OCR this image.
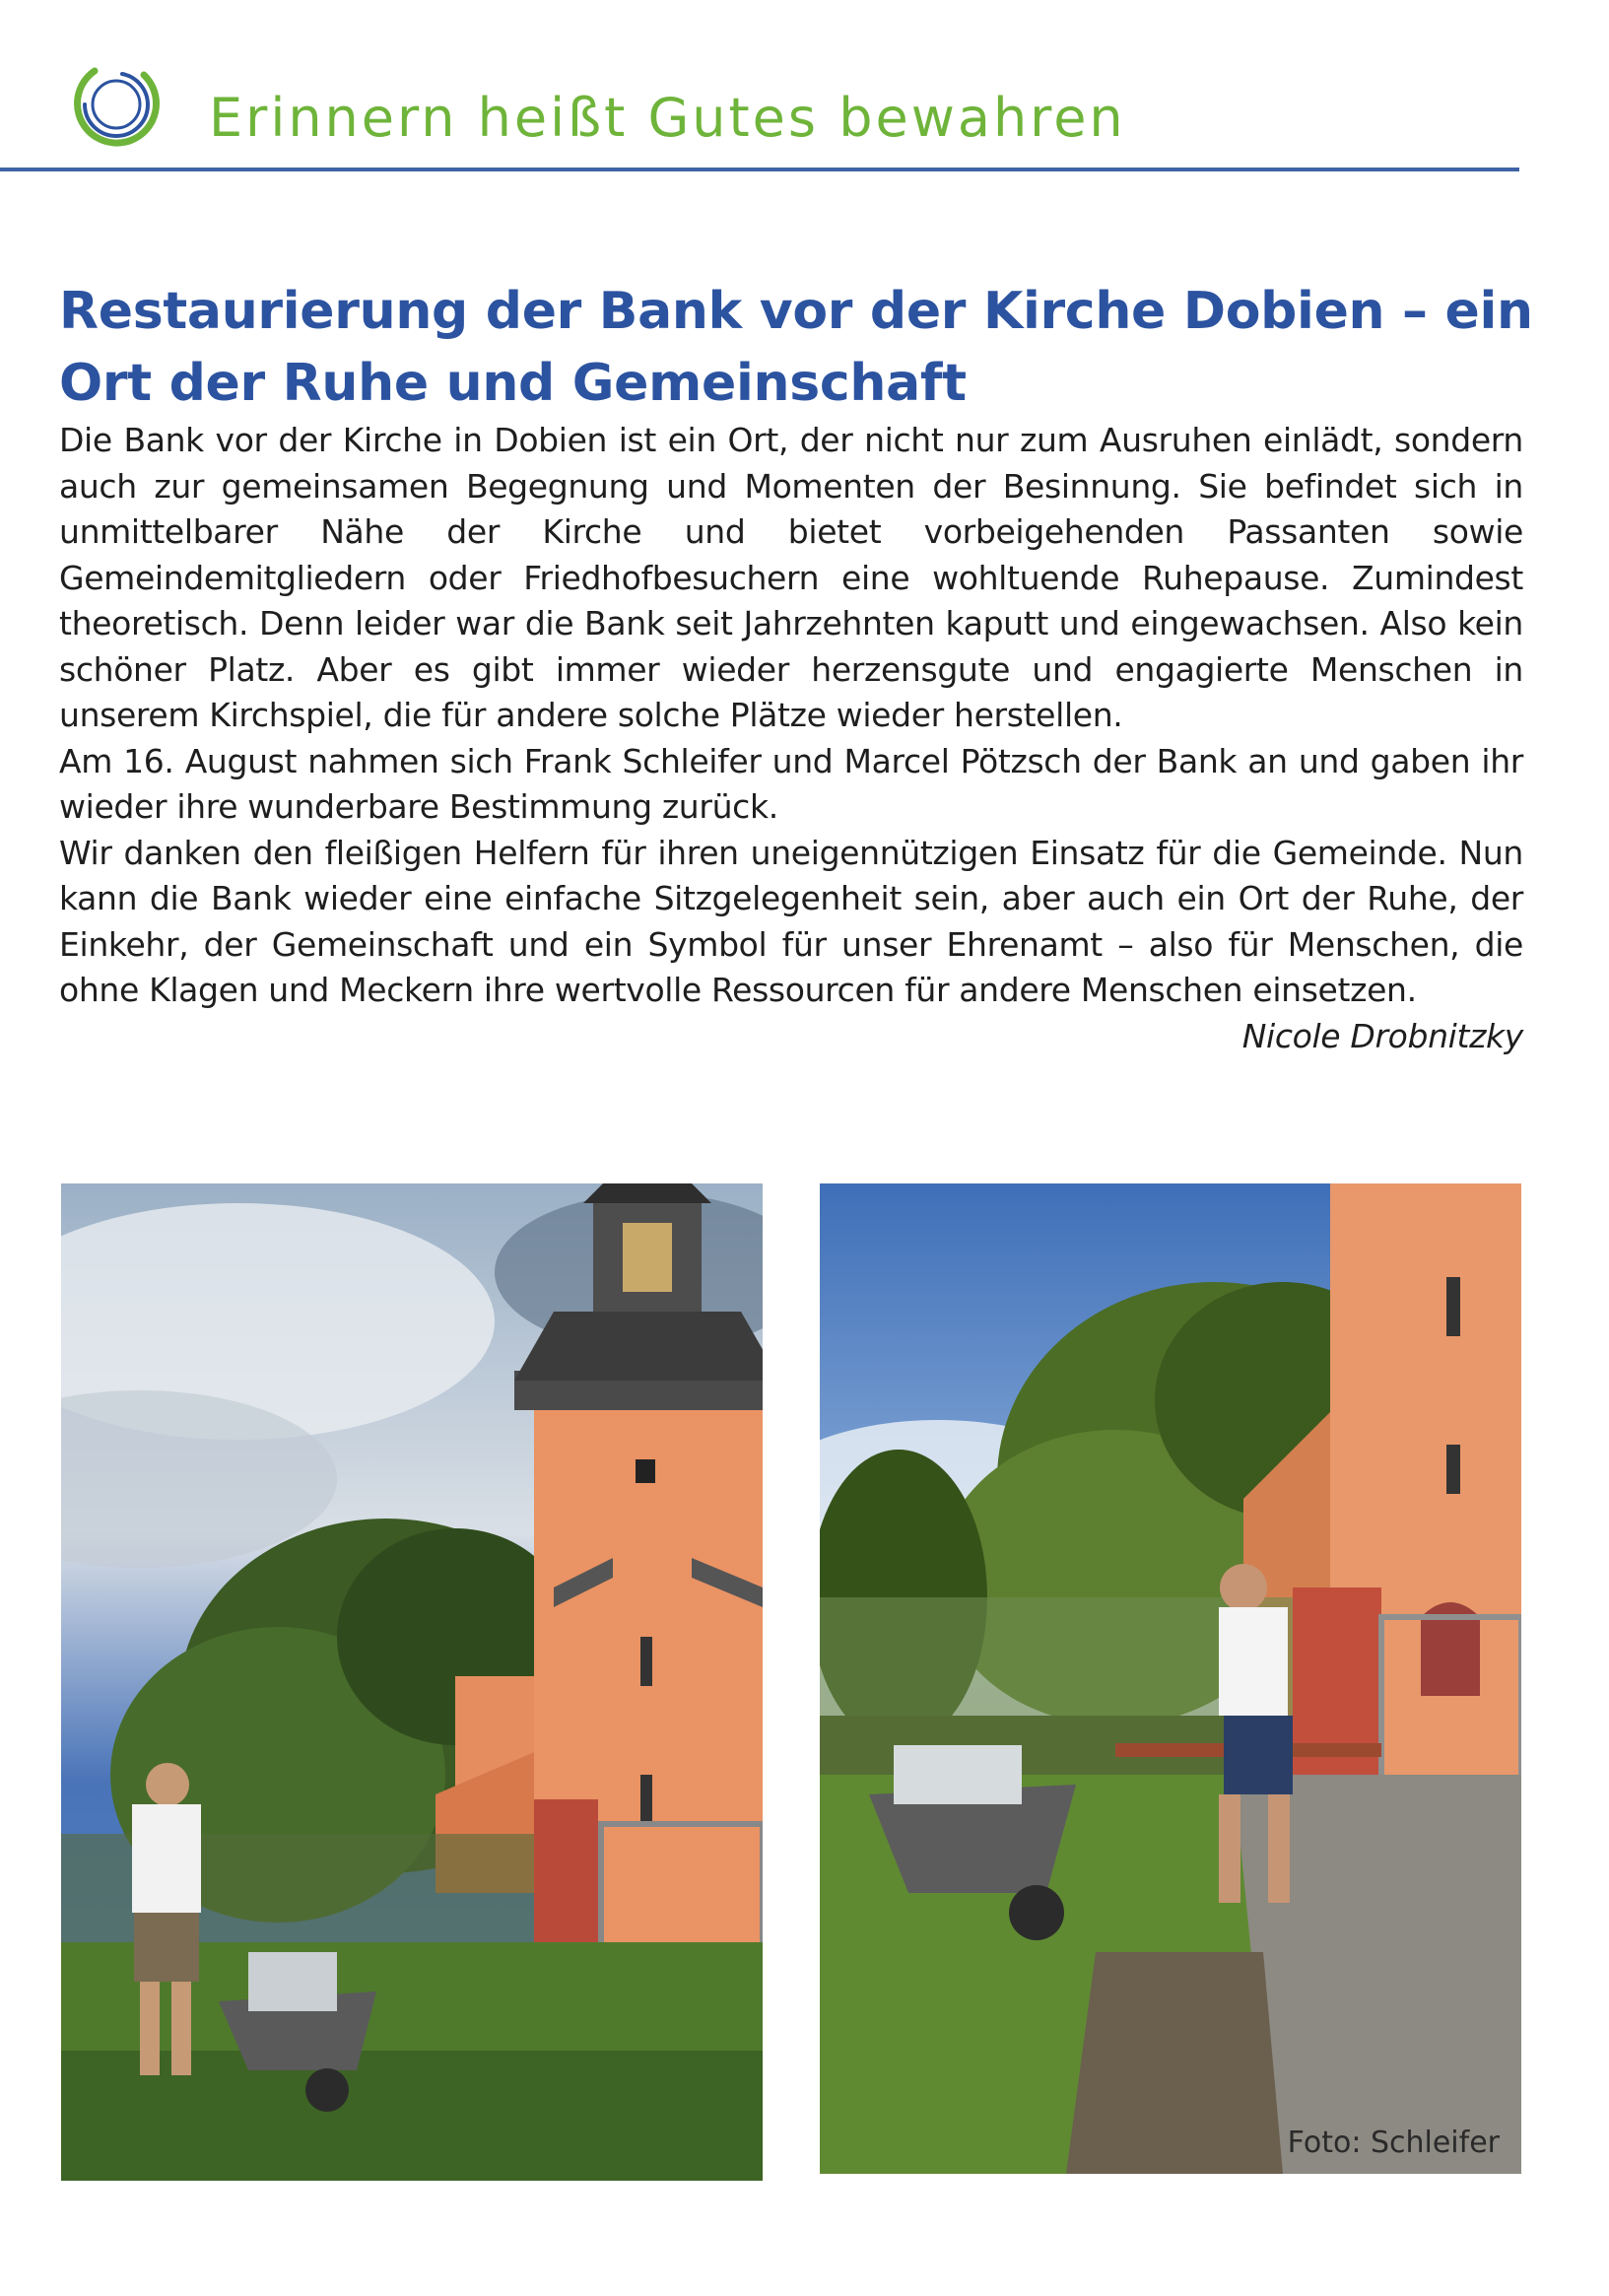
Erinnern heißt Gutes bewahren
Restaurierung der Bank vor der Kirche Dobien – ein Ort der Ruhe und Gemeinschaft

Die Bank vor der Kirche in Dobien ist ein Ort, der nicht nur zum Ausruhen einlädt, sondern auch zur gemeinsamen Begegnung und Momenten der Besinnung. Sie befindet sich in unmittelbarer Nähe der Kirche und bietet vorbeigehenden Passanten sowie Gemeindemitgliedern oder Friedhofbesuchern eine wohltuende Ruhepause. Zumindest theoretisch. Denn leider war die Bank seit Jahrzehnten kaputt und eingewachsen. Also kein schöner Platz. Aber es gibt immer wieder herzensgute und engagierte Menschen in unserem Kirchspiel, die für andere solche Plätze wieder herstellen.

Am 16. August nahmen sich Frank Schleifer und Marcel Pötzsch der Bank an und gaben ihr wieder ihre wunderbare Bestimmung zurück.

Wir danken den fleißigen Helfern für ihren uneigennützigen Einsatz für die Gemeinde. Nun kann die Bank wieder eine einfache Sitzgelegenheit sein, aber auch ein Ort der Ruhe, der Einkehr, der Gemeinschaft und ein Symbol für unser Ehrenamt – also für Menschen, die ohne Klagen und Meckern ihre wertvolle Ressourcen für andere Menschen einsetzen.

Nicole Drobnitzky

Foto: Schleifer
